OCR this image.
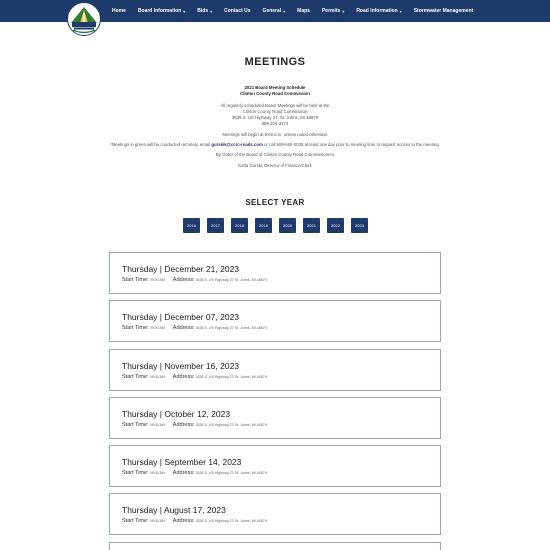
Home Board Information ▾ Bids ▾ Contact Us General ▾ Maps Permits ▾ Road Information ▾ Stormwater Management
MEETINGS

2021 Board Meeting Schedule
Clinton County Road Commission

All regularly scheduled Board Meetings will be held at the
Clinton County Road Commission
3536 S. US Highway 27, St. Johns, MI 48879
989-224-3274

Meetings will begin at 9:00 a.m. unless noted otherwise

*Meetings in green will be conducted remotely, email gurskik@ccrc-roads.com or call 989-668-0035 at least one day prior to meeting time to request access to the meeting.

By Order of the Board of Clinton County Road Commissioners

Karla Gurski, Director of Finance/Clerk

SELECT YEAR
2016	2017	2018	2019	2020	2021	2022	2023
Thursday | December 21, 2023
Start Time:09:00 AM Address:3536 S. US Highway 27 St. Johns, MI 48879
Thursday | December 07, 2023
Start Time:09:00 AM Address:3536 S. US Highway 27 St. Johns, MI 48879
Thursday | November 16, 2023
Start Time:09:00 AM Address:3536 S. US Highway 27 St. Johns, MI 48879
Thursday | October 12, 2023
Start Time:09:00 AM Address:3536 S. US Highway 27 St. Johns, MI 48879
Thursday | September 14, 2023
Start Time:09:00 AM Address:3536 S. US Highway 27 St. Johns, MI 48879
Thursday | August 17, 2023
Start Time:09:00 AM Address:3536 S. US Highway 27 St. Johns, MI 48879
